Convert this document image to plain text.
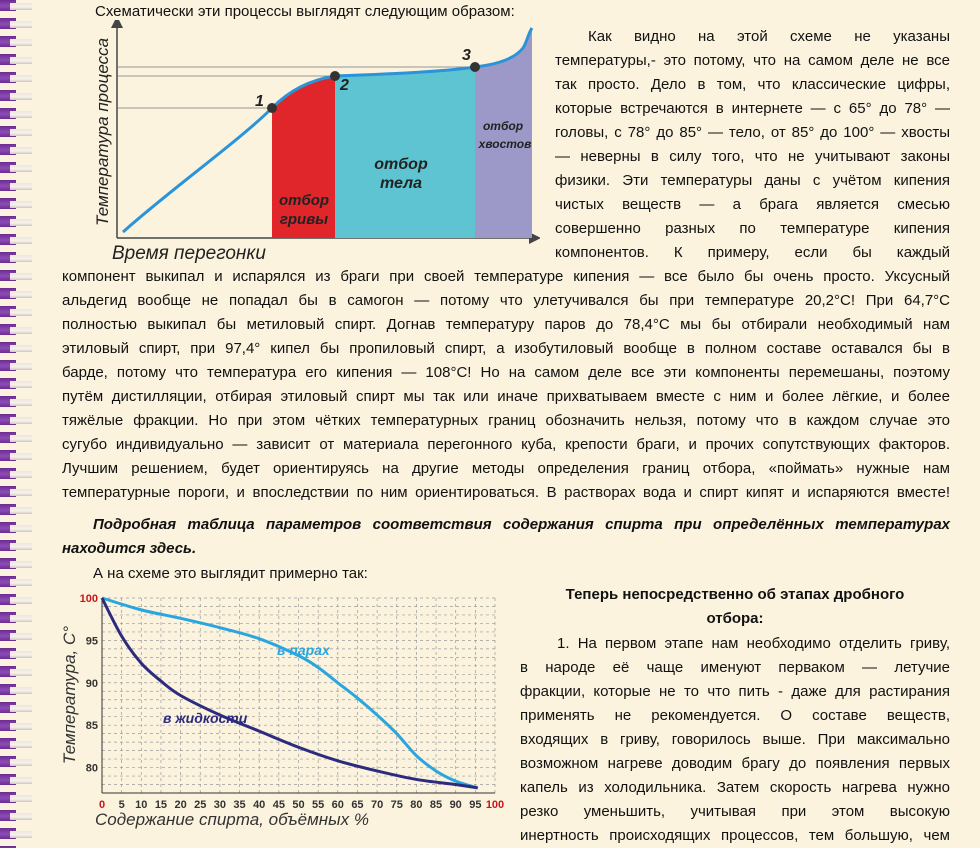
Схематически эти процессы выглядят следующим образом:
1
2
3
отбор
гривы
отбор
тела
отбор
хвостов
Температура процесса
Время перегонки
Как видно на этой схеме не указаны
температуры,- это потому, что на самом деле не все
так просто. Дело в том, что классические цифры,
которые встречаются в интернете — с 65° до 78° —
головы, с 78° до 85° — тело, от 85° до 100° — хвосты
— неверны в силу того, что не учитывают законы
физики. Эти температуры даны с учётом кипения
чистых веществ — а брага является смесью
совершенно разных по температуре кипения
компонентов. К примеру, если бы каждый
компонент выкипал и испарялся из браги при своей температуре кипения — все было бы очень просто. Уксусный
альдегид вообще не попадал бы в самогон — потому что улетучивался бы при температуре 20,2°С! При 64,7°С
полностью выкипал бы метиловый спирт. Догнав температуру паров до 78,4°С мы бы отбирали необходимый нам
этиловый спирт, при 97,4° кипел бы пропиловый спирт, а изобутиловый вообще в полном составе оставался бы в
барде, потому что температура его кипения — 108°С! Но на самом деле все эти компоненты перемешаны, поэтому
путём дистилляции, отбирая этиловый спирт мы так или иначе прихватываем вместе с ним и более лёгкие, и более
тяжёлые фракции. Но при этом чётких температурных границ обозначить нельзя, потому что в каждом случае это
сугубо индивидуально — зависит от материала перегонного куба, крепости браги, и прочих сопутствующих факторов.
Лучшим решением, будет ориентируясь на другие методы определения границ отбора, «поймать» нужные нам
температурные пороги, и впоследствии по ним ориентироваться. В растворах вода и спирт кипят и испаряются вместе!
Подробная таблица параметров соответствия содержания спирта при определённых температурах
находится здесь.
А на схеме это выглядит примерно так:
80
85
90
95
100
0 5 10 15 20 25 30 35 40 45 50 55 60 65 70 75 80 85 90 95 100
в парах
в жидкости
Температура, С°
Содержание спирта, объёмных %
Теперь непосредственно об этапах дробного
отбора:
1. На первом этапе нам необходимо отделить гриву,
в народе её чаще именуют перваком — летучие
фракции, которые не то что пить - даже для растирания
применять не рекомендуется. О составе веществ,
входящих в гриву, говорилось выше. При максимально
возможном нагреве доводим брагу до появления первых
капель из холодильника. Затем скорость нагрева нужно
резко уменьшить, учитывая при этом высокую
инертность происходящих процессов, тем большую, чем
